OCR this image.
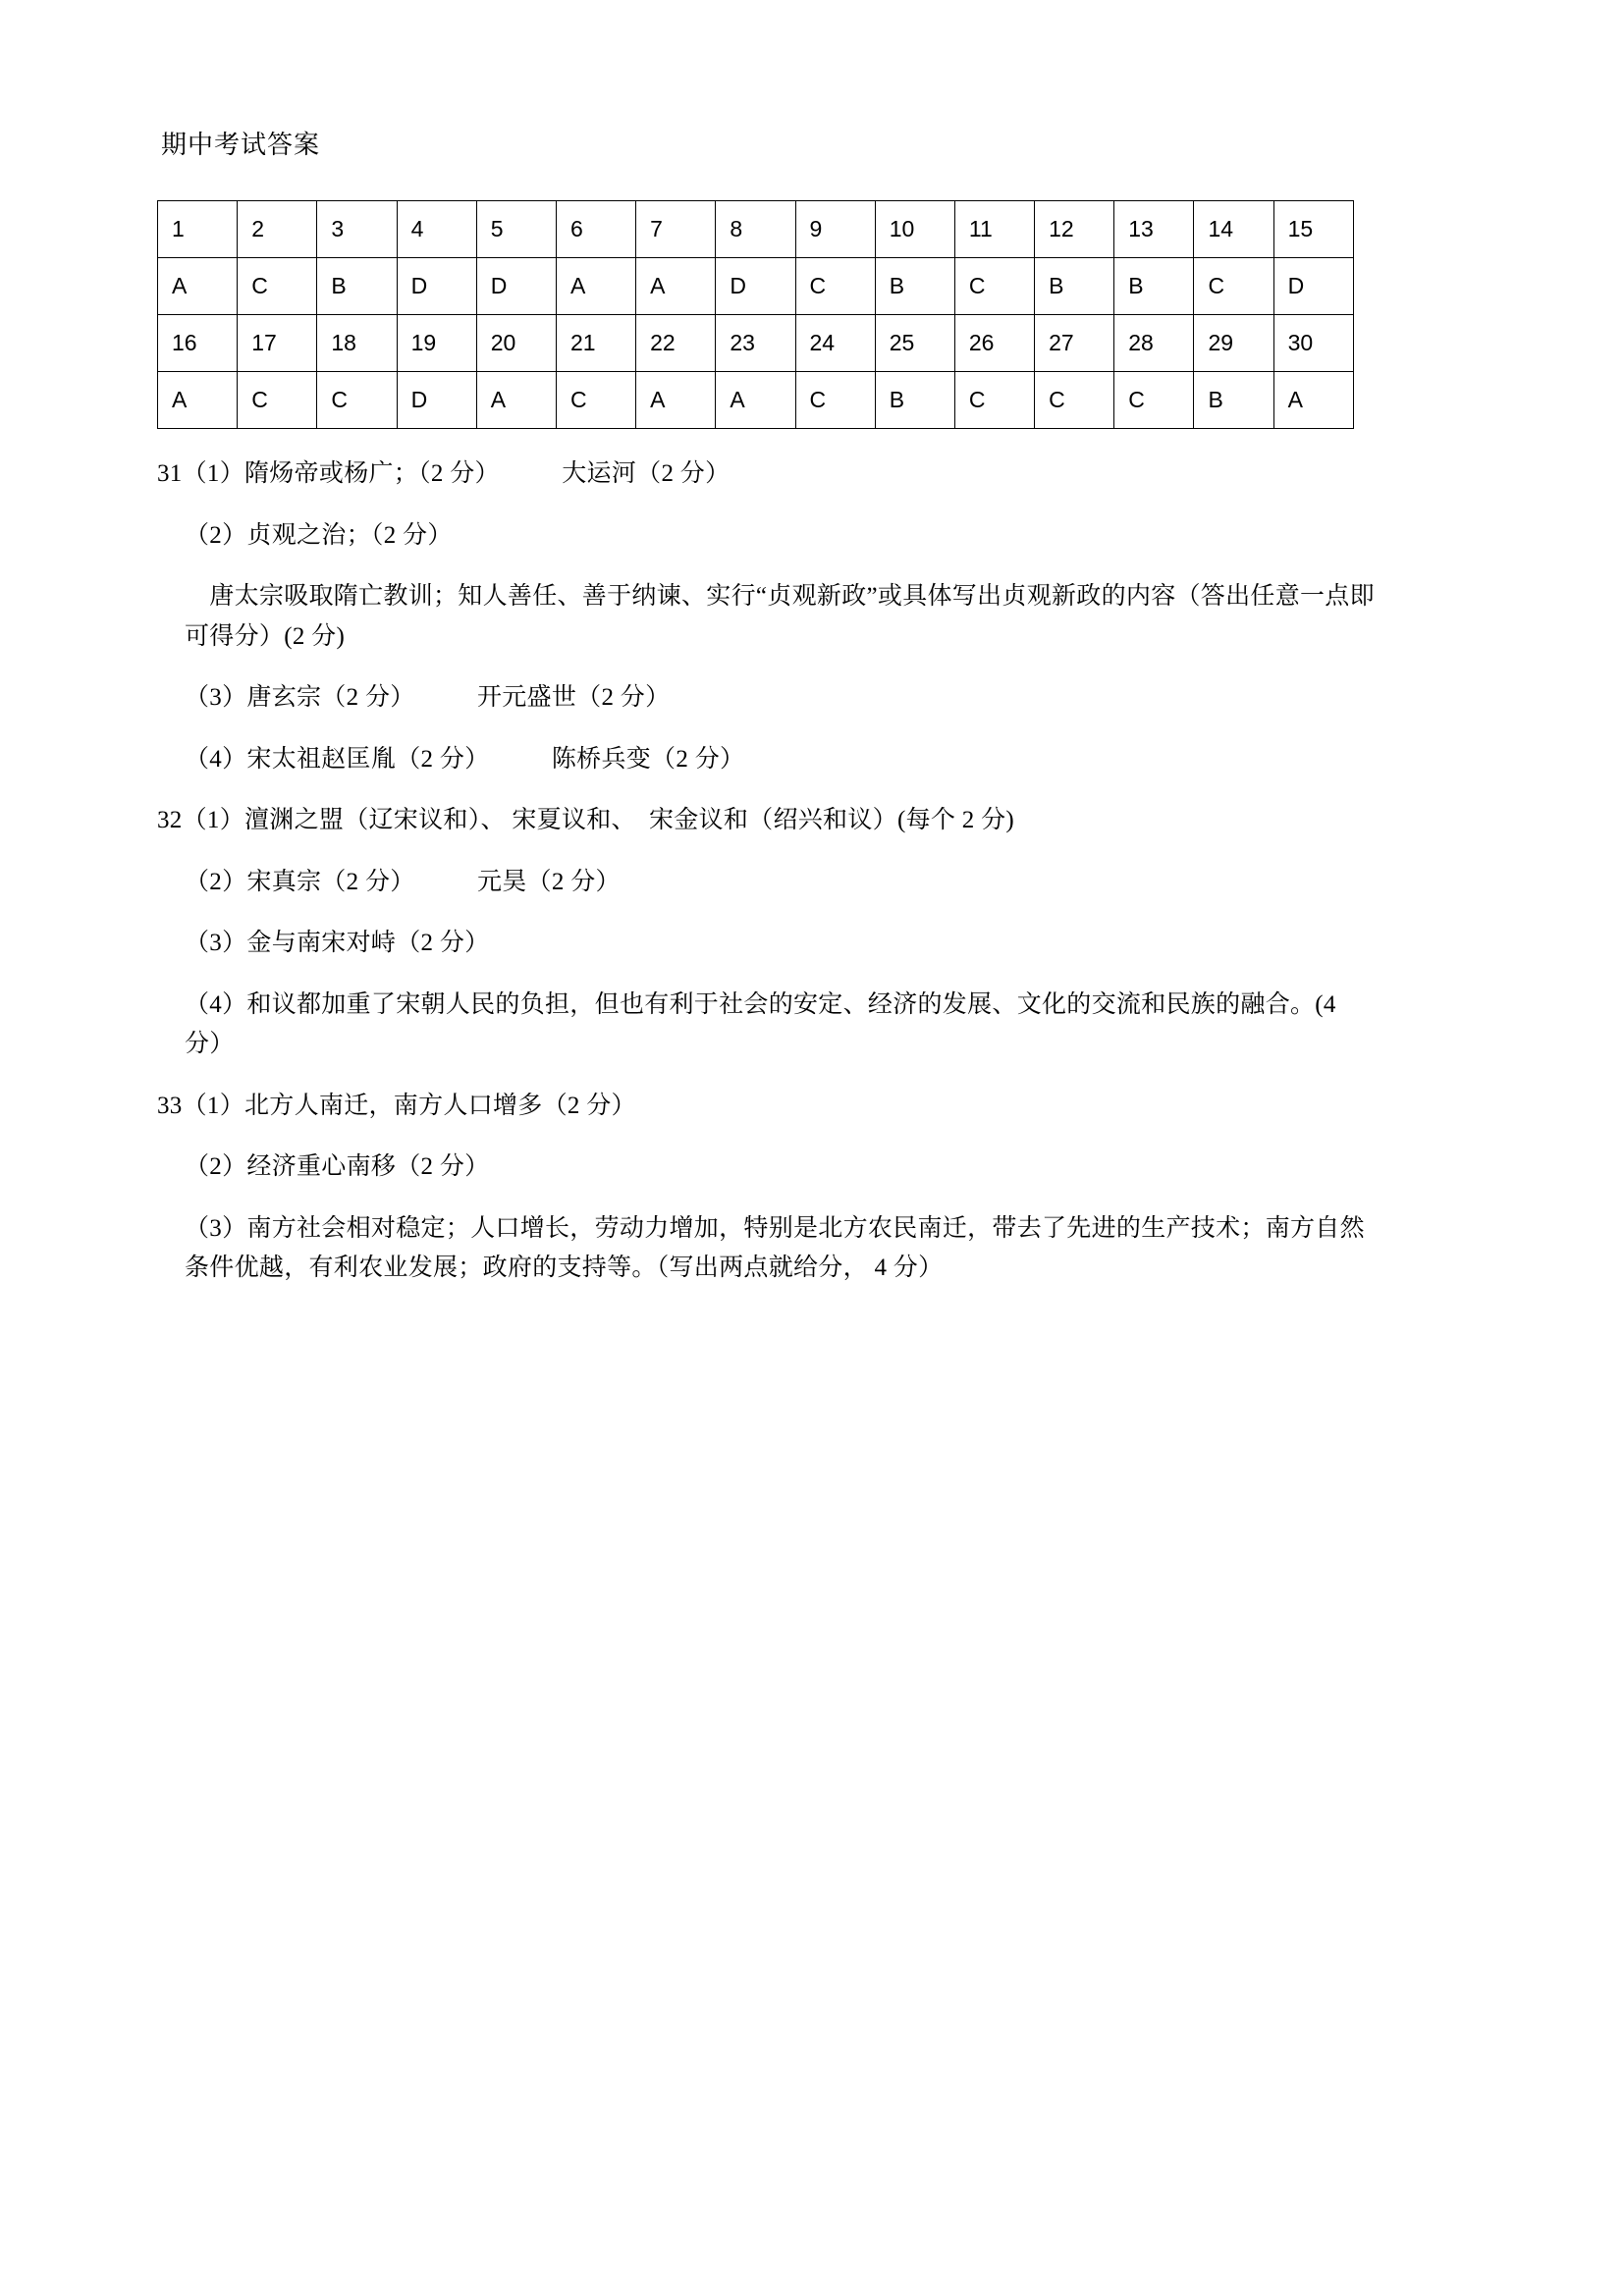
期中考试答案
1	2	3	4	5	6	7	8	9	10	11	12	13	14	15
A	C	B	D	D	A	A	D	C	B	C	B	B	C	D
16	17	18	19	20	21	22	23	24	25	26	27	28	29	30
A	C	C	D	A	C	A	A	C	B	C	C	C	B	A
31（1）隋炀帝或杨广；（2 分）　　　大运河（2 分）
（2）贞观之治；（2 分）
　唐太宗吸取隋亡教训；知人善任、善于纳谏、实行“贞观新政”或具体写出贞观新政的内容（答出任意一点即可得分）(2 分)
（3）唐玄宗（2 分）　　　开元盛世（2 分）
（4）宋太祖赵匡胤（2 分）　　　陈桥兵变（2 分）
32（1）澶渊之盟（辽宋议和）、 宋夏议和、  宋金议和（绍兴和议）(每个 2 分)
（2）宋真宗（2 分）　　　元昊（2 分）
（3）金与南宋对峙（2 分）
（4）和议都加重了宋朝人民的负担，但也有利于社会的安定、经济的发展、文化的交流和民族的融合。(4 分）
33（1）北方人南迁，南方人口增多（2 分）
（2）经济重心南移（2 分）
（3）南方社会相对稳定；人口增长，劳动力增加，特别是北方农民南迁，带去了先进的生产技术；南方自然条件优越，有利农业发展；政府的支持等。（写出两点就给分， 4 分）
